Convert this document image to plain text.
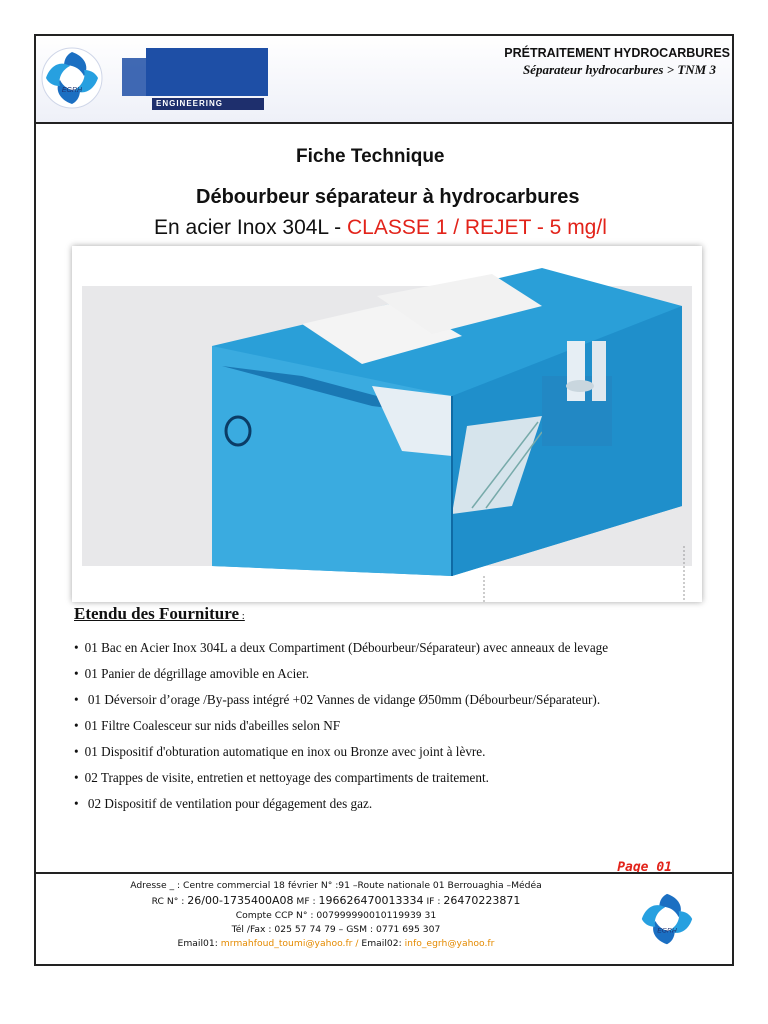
EGRH
ENGINEERING
PRÉTRAITEMENT HYDROCARBURES
Séparateur hydrocarbures > TNM 3
Fiche Technique
Débourbeur séparateur à hydrocarbures
En acier Inox 304L - CLASSE 1 / REJET - 5 mg/l
Etendu des Fourniture :
• 01 Bac en Acier Inox 304L a deux Compartiment (Débourbeur/Séparateur) avec anneaux de levage
• 01 Panier de dégrillage amovible en Acier.
• 01 Déversoir d’orage /By-pass intégré +02 Vannes de vidange Ø50mm (Débourbeur/Séparateur).
• 01 Filtre Coalesceur sur nids d'abeilles selon NF
• 01 Dispositif d'obturation automatique en inox ou Bronze avec joint à lèvre.
• 02 Trappes de visite, entretien et nettoyage des compartiments de traitement.
• 02 Dispositif de ventilation pour dégagement des gaz.
Page 01
Adresse _ : Centre commercial 18 février N° :91 –Route nationale 01 Berrouaghia –Médéa
RC N° : 26/00-1735400A08 MF : 196626470013334 IF : 26470223871
Compte CCP N° : 007999990010119939 31
Tél /Fax : 025 57 74 79 – GSM : 0771 695 307
Email01: mrmahfoud_toumi@yahoo.fr / Email02: info_egrh@yahoo.fr
EGRH
